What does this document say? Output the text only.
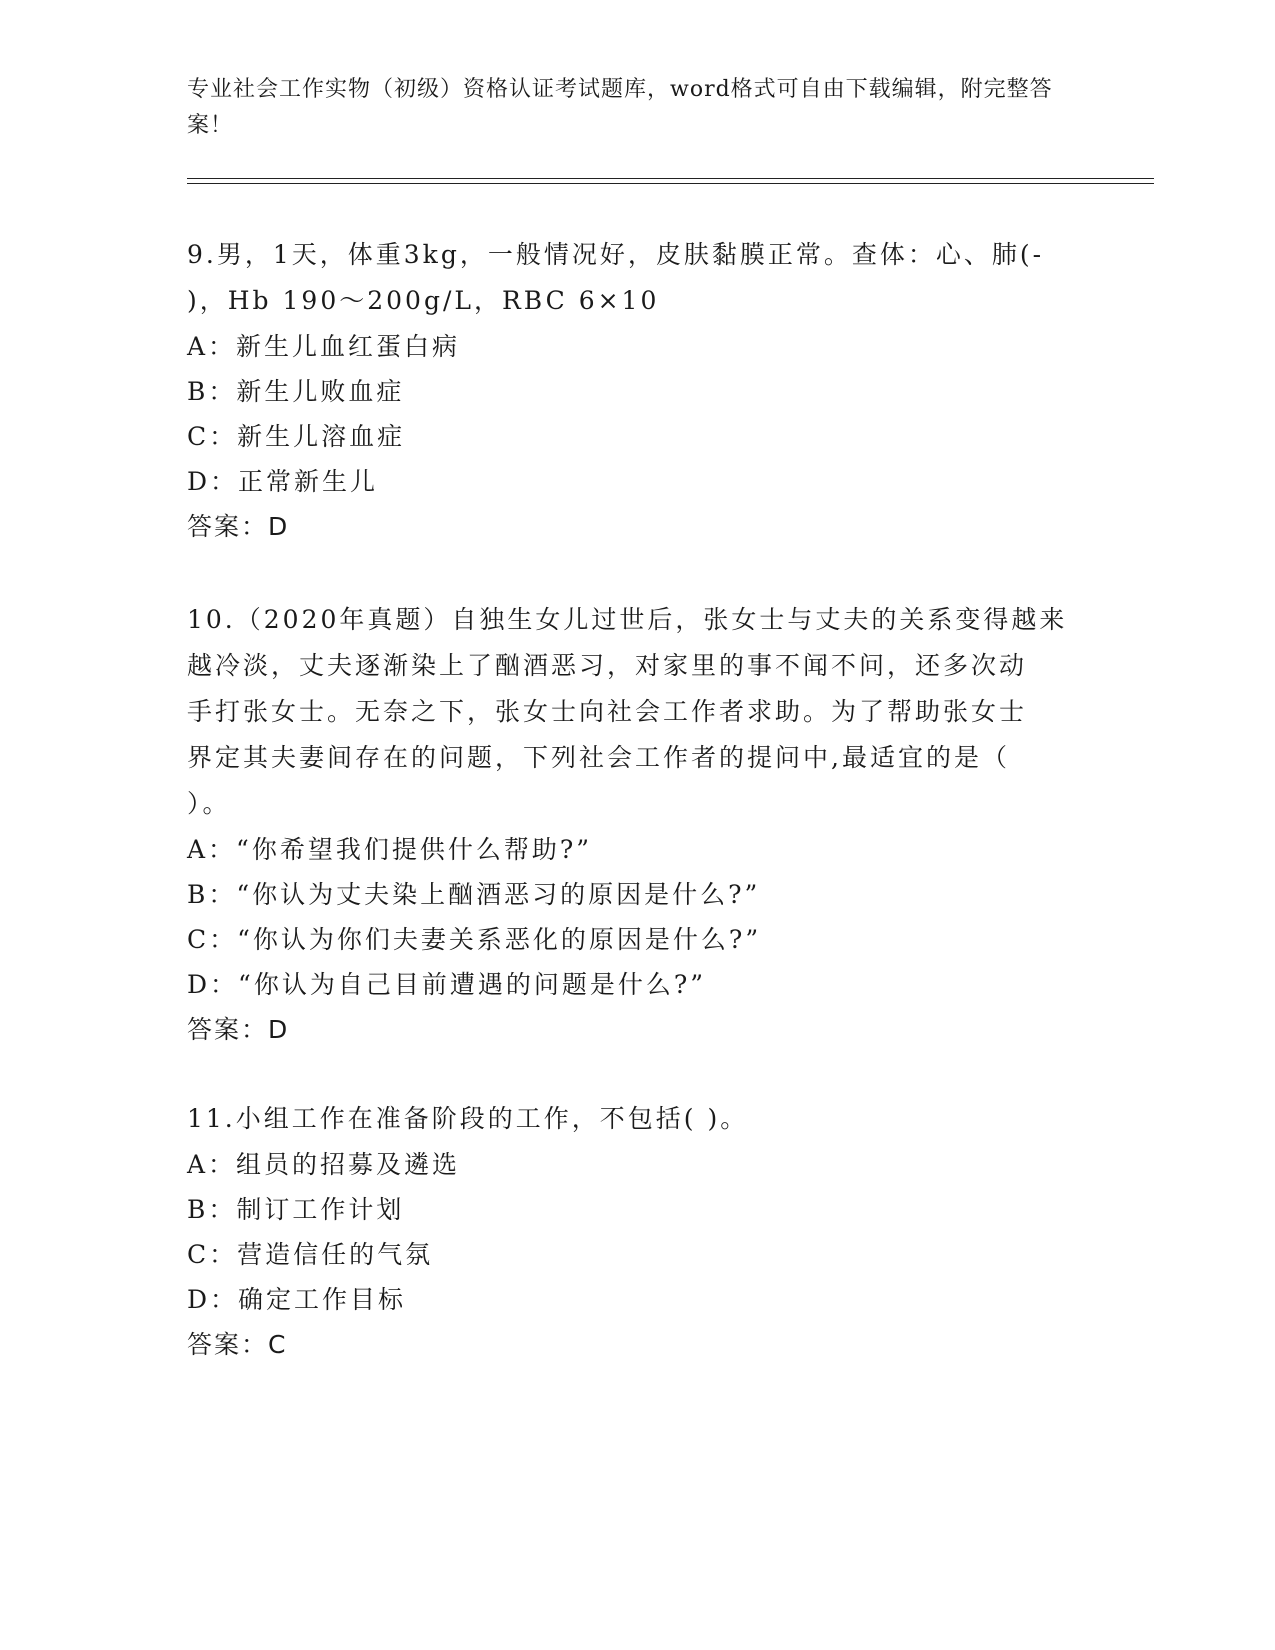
专业社会工作实物（初级）资格认证考试题库，word格式可自由下载编辑，附完整答案！

9.男，1天，体重3kg，一般情况好，皮肤黏膜正常。查体：心、肺(-

)，Hb 190～200g/L，RBC 6×10

A：新生儿血红蛋白病

B：新生儿败血症

C：新生儿溶血症

D：正常新生儿

答案：D

10.（2020年真题）自独生女儿过世后，张女士与丈夫的关系变得越来

越冷淡，丈夫逐渐染上了酗酒恶习，对家里的事不闻不问，还多次动

手打张女士。无奈之下，张女士向社会工作者求助。为了帮助张女士

界定其夫妻间存在的问题，下列社会工作者的提问中,最适宜的是（

）。

A：“你希望我们提供什么帮助?”

B：“你认为丈夫染上酗酒恶习的原因是什么?”

C：“你认为你们夫妻关系恶化的原因是什么?”

D：“你认为自己目前遭遇的问题是什么?”

答案：D

11.小组工作在准备阶段的工作，不包括( )。

A：组员的招募及遴选

B：制订工作计划

C：营造信任的气氛

D：确定工作目标

答案：C
